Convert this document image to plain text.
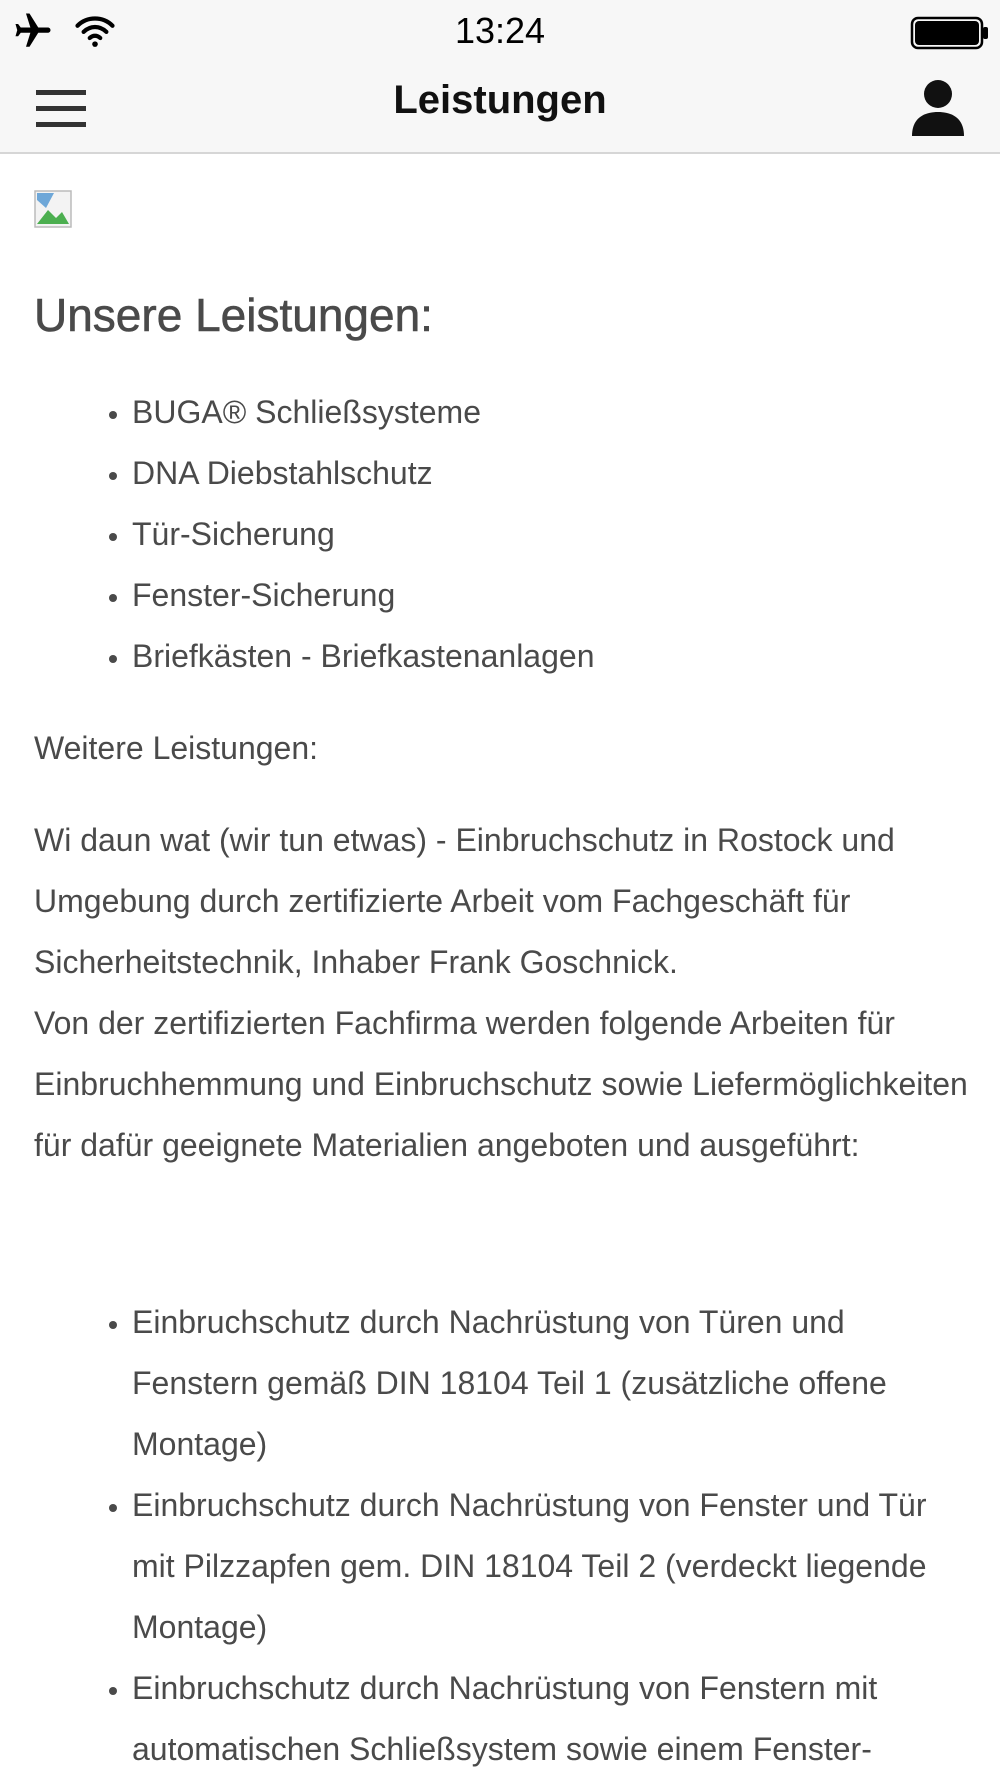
13:24
Leistungen
Unsere Leistungen:
• BUGA® Schließsysteme
• DNA Diebstahlschutz
• Tür-Sicherung
• Fenster-Sicherung
• Briefkästen - Briefkastenanlagen

Weitere Leistungen:

Wi daun wat (wir tun etwas) - Einbruchschutz in Rostock und Umgebung durch zertifizierte Arbeit vom Fachgeschäft für Sicherheitstechnik, Inhaber Frank Goschnick.
Von der zertifizierten Fachfirma werden folgende Arbeiten für Einbruchhemmung und Einbruchschutz sowie Liefermöglichkeiten für dafür geeignete Materialien angeboten und ausgeführt:
• Einbruchschutz durch Nachrüstung von Türen und Fenstern gemäß DIN 18104 Teil 1 (zusätzliche offene Montage)
• Einbruchschutz durch Nachrüstung von Fenster und Tür mit Pilzzapfen gem. DIN 18104 Teil 2 (verdeckt liegende Montage)
• Einbruchschutz durch Nachrüstung von Fenstern mit automatischen Schließsystem sowie einem Fenster-
